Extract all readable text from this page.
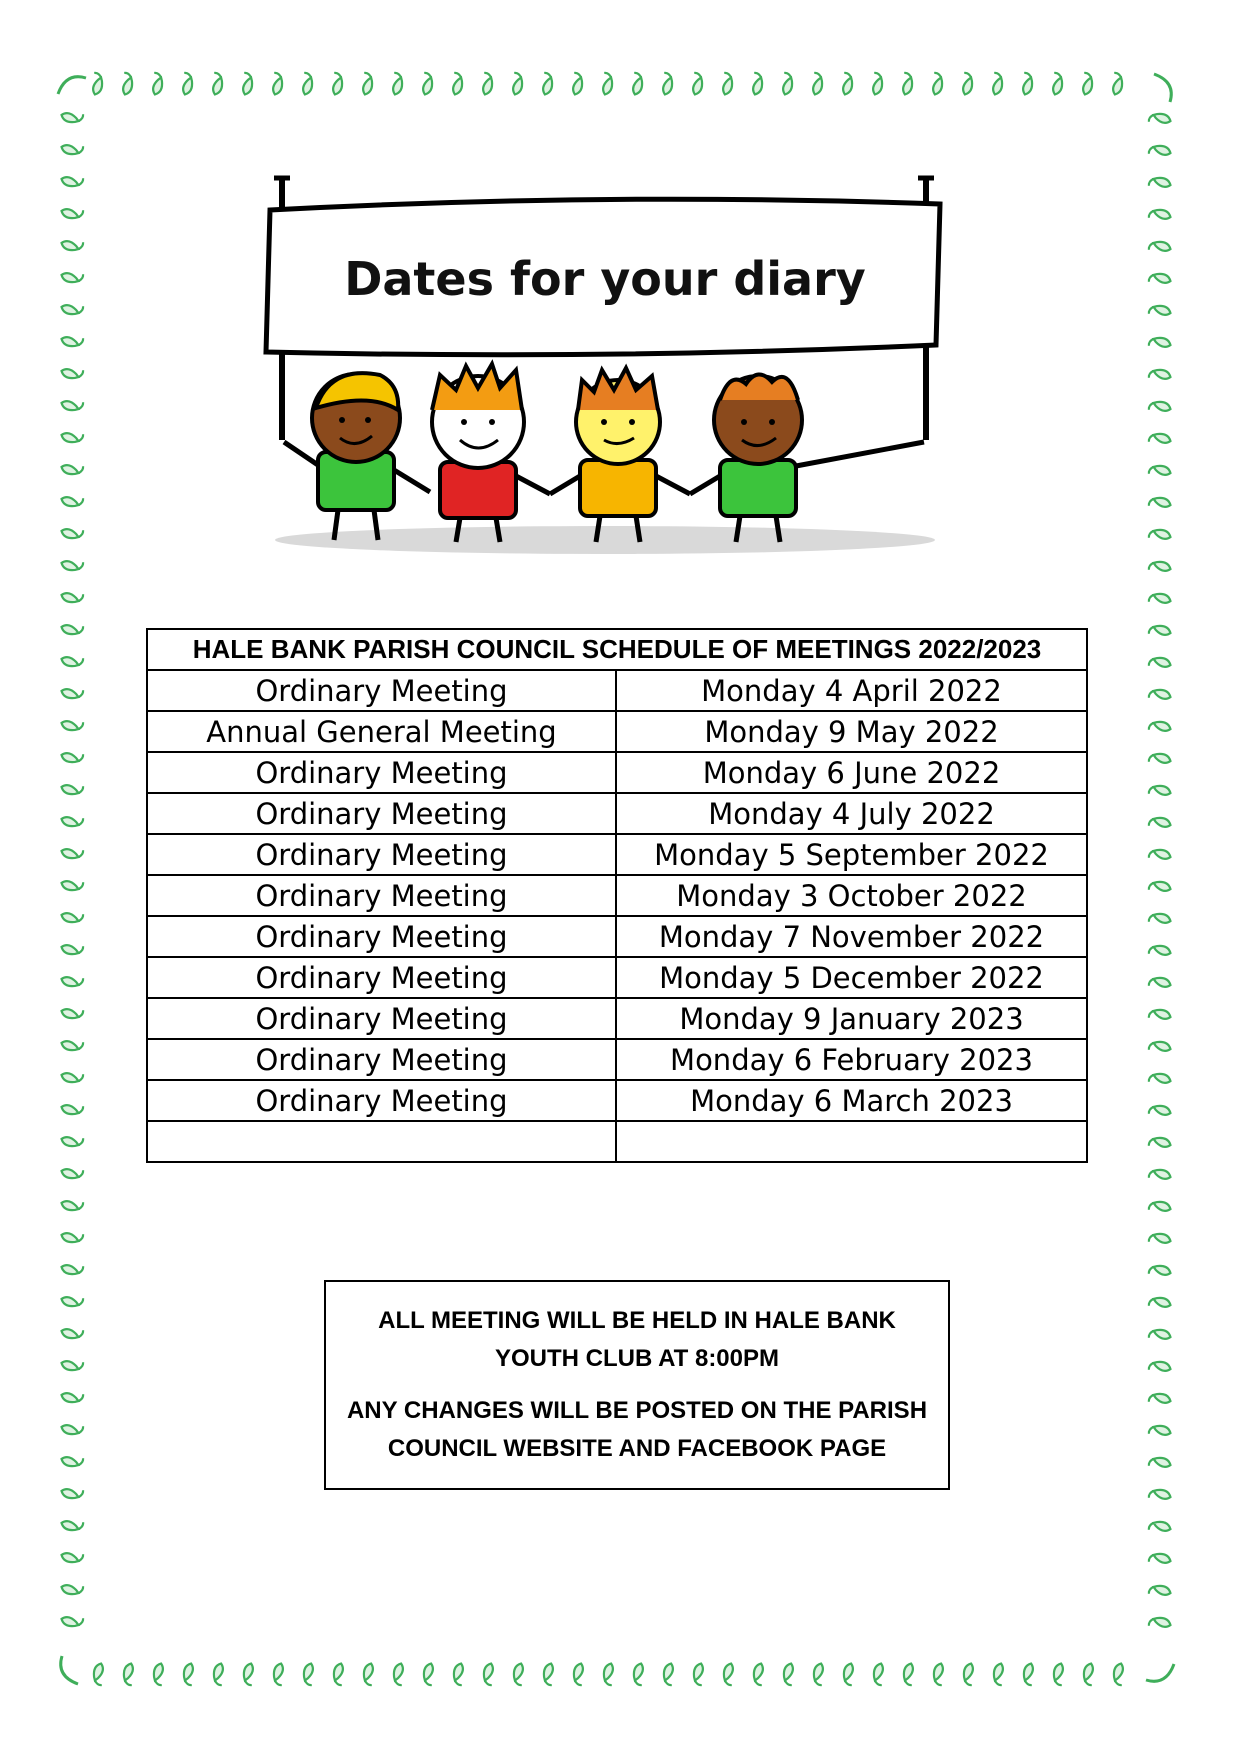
Dates for your diary
HALE BANK PARISH COUNCIL SCHEDULE OF MEETINGS 2022/2023	
Ordinary Meeting	Monday 4 April 2022
Annual General Meeting	Monday 9 May 2022
Ordinary Meeting	Monday 6 June 2022
Ordinary Meeting	Monday 4 July 2022
Ordinary Meeting	Monday 5 September 2022
Ordinary Meeting	Monday 3 October 2022
Ordinary Meeting	Monday 7 November 2022
Ordinary Meeting	Monday 5 December 2022
Ordinary Meeting	Monday 9 January 2023
Ordinary Meeting	Monday 6 February 2023
Ordinary Meeting	Monday 6 March 2023

ALL MEETING WILL BE HELD IN HALE BANK YOUTH CLUB AT 8:00PM

ANY CHANGES WILL BE POSTED ON THE PARISH COUNCIL WEBSITE AND FACEBOOK PAGE
